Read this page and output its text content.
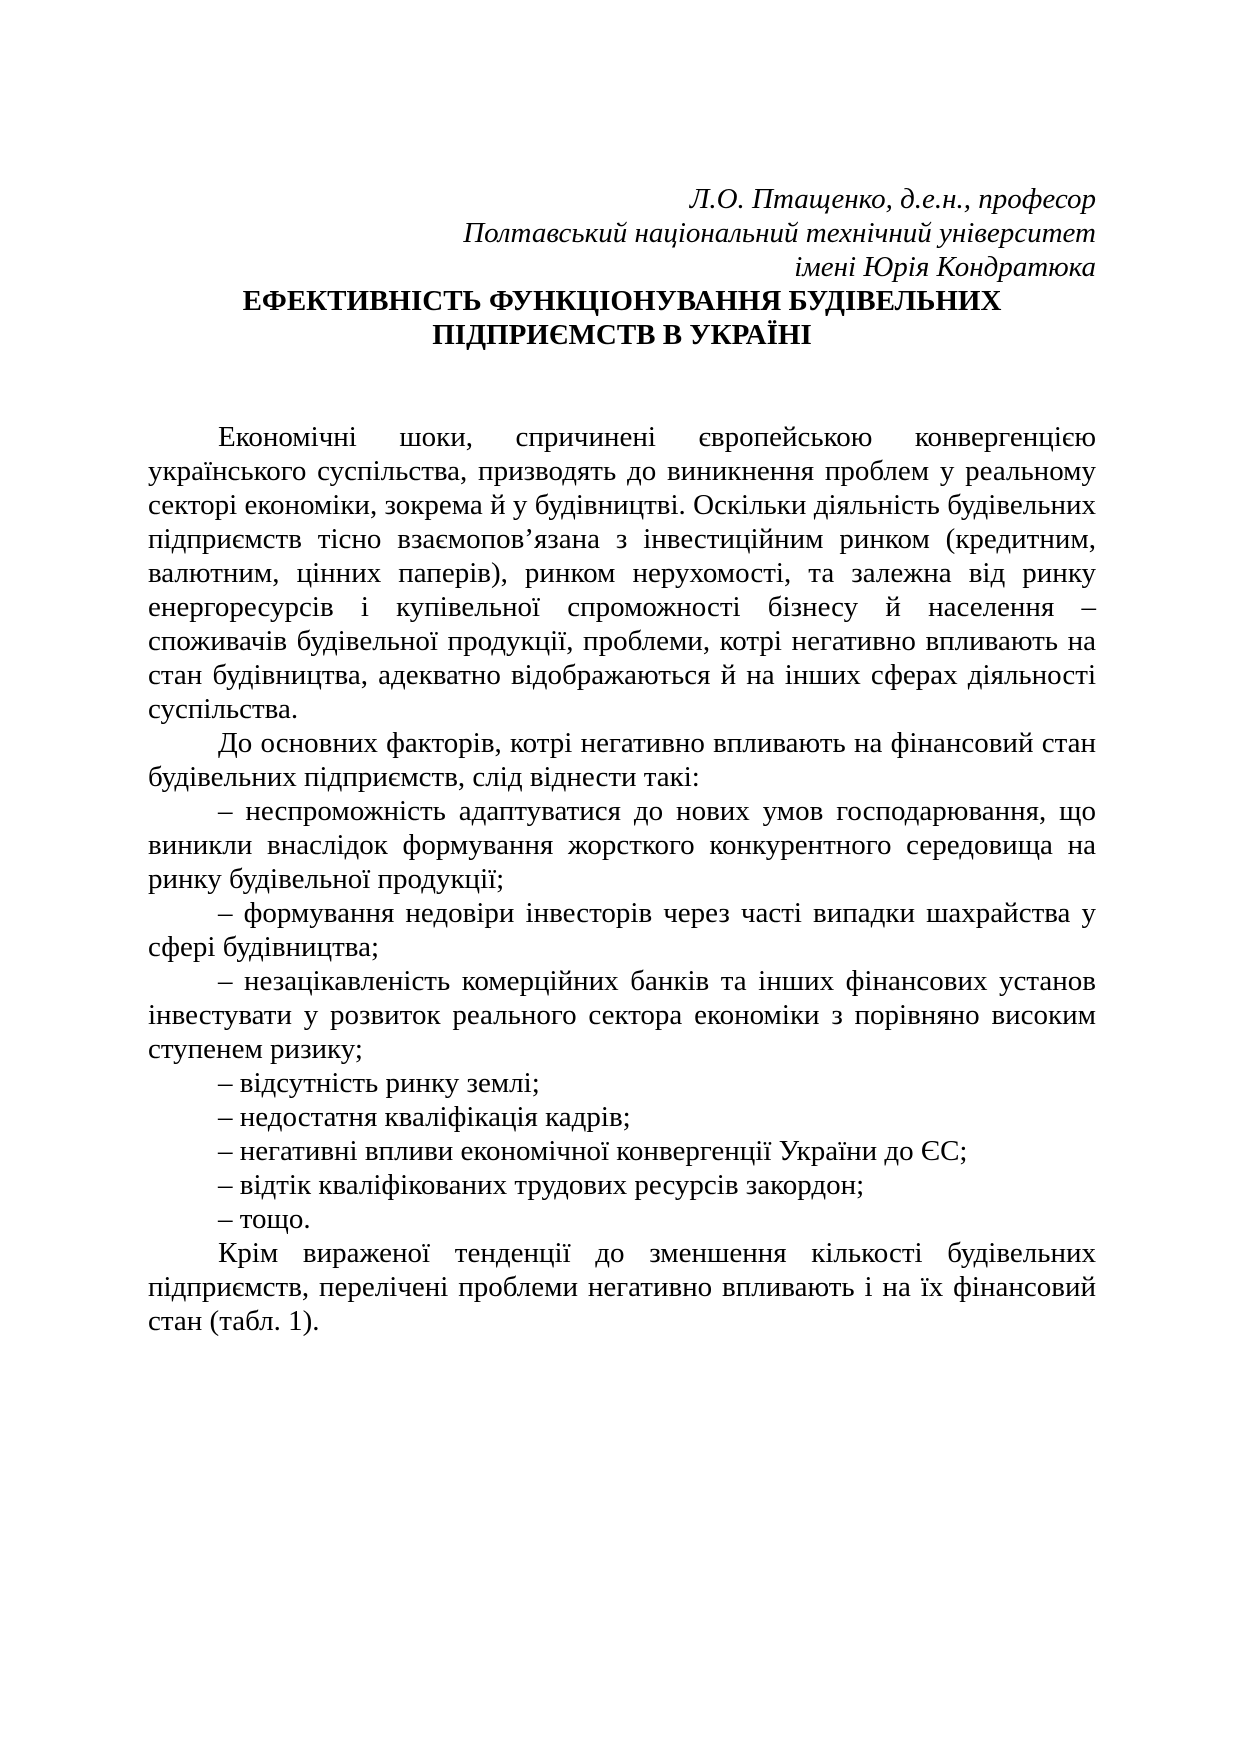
Л.О. Птащенко, д.е.н., професор

Полтавський національний технічний університет

імені Юрія Кондратюка

ЕФЕКТИВНІСТЬ ФУНКЦІОНУВАННЯ БУДІВЕЛЬНИХ ПІДПРИЄМСТВ В УКРАЇНІ

Економічні шоки, спричинені європейською конвергенцією українського суспільства, призводять до виникнення проблем у реальному секторі економіки, зокрема й у будівництві. Оскільки діяльність будівельних підприємств тісно взаємопов’язана з інвестиційним ринком (кредитним, валютним, цінних паперів), ринком нерухомості, та залежна від ринку енергоресурсів і купівельної спроможності бізнесу й населення – споживачів будівельної продукції, проблеми, котрі негативно впливають на стан будівництва, адекватно відображаються й на інших сферах діяльності суспільства.

До основних факторів, котрі негативно впливають на фінансовий стан будівельних підприємств, слід віднести такі:

– неспроможність адаптуватися до нових умов господарювання, що виникли внаслідок формування жорсткого конкурентного середовища на ринку будівельної продукції;

– формування недовіри інвесторів через часті випадки шахрайства у сфері будівництва;

– незацікавленість комерційних банків та інших фінансових установ інвестувати у розвиток реального сектора економіки з порівняно високим ступенем ризику;

– відсутність ринку землі;

– недостатня кваліфікація кадрів;

– негативні впливи економічної конвергенції України до ЄС;

– відтік кваліфікованих трудових ресурсів закордон;

– тощо.

Крім вираженої тенденції до зменшення кількості будівельних підприємств, перелічені проблеми негативно впливають і на їх фінансовий стан (табл. 1).
